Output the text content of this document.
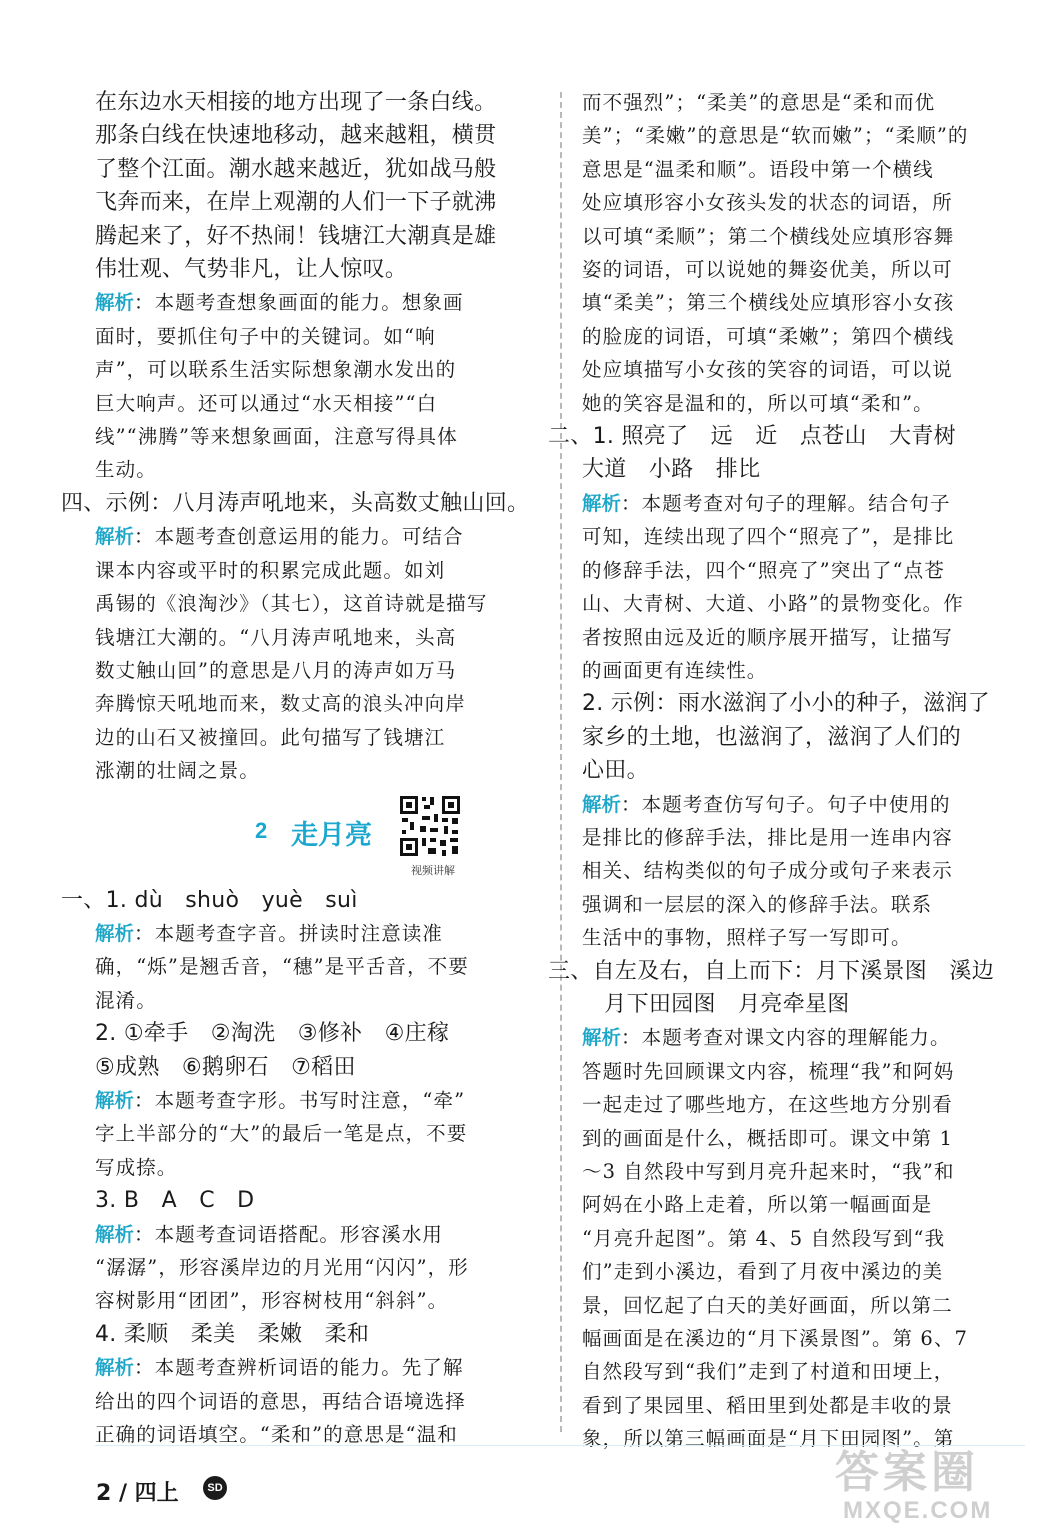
在东边水天相接的地方出现了一条白线。
那条白线在快速地移动，越来越粗，横贯
了整个江面。潮水越来越近，犹如战马般
飞奔而来，在岸上观潮的人们一下子就沸
腾起来了，好不热闹！钱塘江大潮真是雄
伟壮观、气势非凡，让人惊叹。
解析：本题考查想象画面的能力。想象画
面时，要抓住句子中的关键词。如“响
声”，可以联系生活实际想象潮水发出的
巨大响声。还可以通过“水天相接”“白
线”“沸腾”等来想象画面，注意写得具体
生动。
四、示例：八月涛声吼地来，头高数丈触山回。
解析：本题考查创意运用的能力。可结合
课本内容或平时的积累完成此题。如刘
禹锡的《浪淘沙》（其七），这首诗就是描写
钱塘江大潮的。“八月涛声吼地来，头高
数丈触山回”的意思是八月的涛声如万马
奔腾惊天吼地而来，数丈高的浪头冲向岸
边的山石又被撞回。此句描写了钱塘江
涨潮的壮阔之景。
2 走月亮
视频讲解
一、1. dù　shuò　yuè　suì
解析：本题考查字音。拼读时注意读准
确，“烁”是翘舌音，“穗”是平舌音，不要
混淆。
2. ①牵手　②淘洗　③修补　④庄稼
⑤成熟　⑥鹅卵石　⑦稻田
解析：本题考查字形。书写时注意，“牵”
字上半部分的“大”的最后一笔是点，不要
写成捺。
3. B　A　C　D
解析：本题考查词语搭配。形容溪水用
“潺潺”，形容溪岸边的月光用“闪闪”，形
容树影用“团团”，形容树枝用“斜斜”。
4. 柔顺　柔美　柔嫩　柔和
解析：本题考查辨析词语的能力。先了解
给出的四个词语的意思，再结合语境选择
正确的词语填空。“柔和”的意思是“温和
而不强烈”；“柔美”的意思是“柔和而优
美”；“柔嫩”的意思是“软而嫩”；“柔顺”的
意思是“温柔和顺”。语段中第一个横线
处应填形容小女孩头发的状态的词语，所
以可填“柔顺”；第二个横线处应填形容舞
姿的词语，可以说她的舞姿优美，所以可
填“柔美”；第三个横线处应填形容小女孩
的脸庞的词语，可填“柔嫩”；第四个横线
处应填描写小女孩的笑容的词语，可以说
她的笑容是温和的，所以可填“柔和”。
二、1. 照亮了　远　近　点苍山　大青树
大道　小路　排比
解析：本题考查对句子的理解。结合句子
可知，连续出现了四个“照亮了”，是排比
的修辞手法，四个“照亮了”突出了“点苍
山、大青树、大道、小路”的景物变化。作
者按照由远及近的顺序展开描写，让描写
的画面更有连续性。
2. 示例：雨水滋润了小小的种子，滋润了
家乡的土地，也滋润了，滋润了人们的
心田。
解析：本题考查仿写句子。句子中使用的
是排比的修辞手法，排比是用一连串内容
相关、结构类似的句子成分或句子来表示
强调和一层层的深入的修辞手法。联系
生活中的事物，照样子写一写即可。
三、自左及右，自上而下：月下溪景图　溪边
　月下田园图　月亮牵星图
解析：本题考查对课文内容的理解能力。
答题时先回顾课文内容，梳理“我”和阿妈
一起走过了哪些地方，在这些地方分别看
到的画面是什么，概括即可。课文中第 1
～3 自然段中写到月亮升起来时，“我”和
阿妈在小路上走着，所以第一幅画面是
“月亮升起图”。第 4、5 自然段写到“我
们”走到小溪边，看到了月夜中溪边的美
景，回忆起了白天的美好画面，所以第二
幅画面是在溪边的“月下溪景图”。第 6、7
自然段写到“我们”走到了村道和田埂上，
看到了果园里、稻田里到处都是丰收的景
象，所以第三幅画面是“月下田园图”。第
2 / 四上	SD	答案圈
MXQE.COM
